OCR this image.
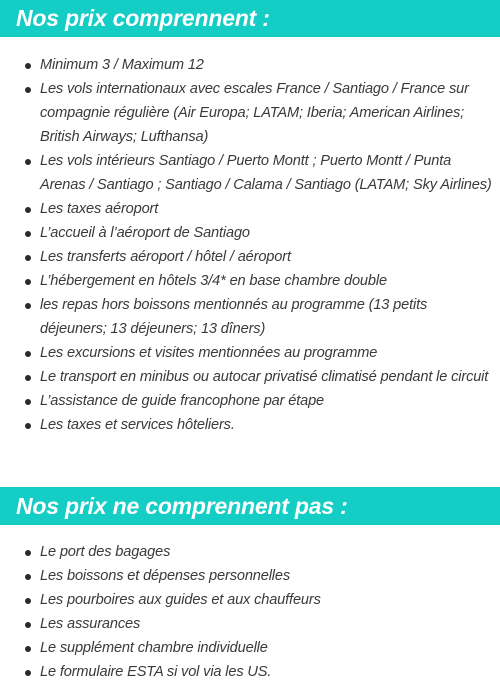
Nos prix comprennent :
Minimum 3 / Maximum 12
Les vols internationaux avec escales France / Santiago / France sur compagnie régulière (Air Europa; LATAM; Iberia; American Airlines; British Airways; Lufthansa)
Les vols intérieurs Santiago / Puerto Montt ; Puerto Montt / Punta Arenas / Santiago ; Santiago / Calama / Santiago (LATAM; Sky Airlines)
Les taxes aéroport
L’accueil à l’aéroport de Santiago
Les transferts aéroport / hôtel / aéroport
L’hébergement en hôtels 3/4* en base chambre double
les repas hors boissons mentionnés au programme (13 petits déjeuners; 13 déjeuners; 13 dîners)
Les excursions et visites mentionnées au programme
Le transport en minibus ou autocar privatisé climatisé pendant le circuit
L’assistance de guide francophone par étape
Les taxes et services hôteliers.
Nos prix ne comprennent pas :
Le port des bagages
Les boissons et dépenses personnelles
Les pourboires aux guides et aux chauffeurs
Les assurances
Le supplément chambre individuelle
Le formulaire ESTA si vol via les US.
